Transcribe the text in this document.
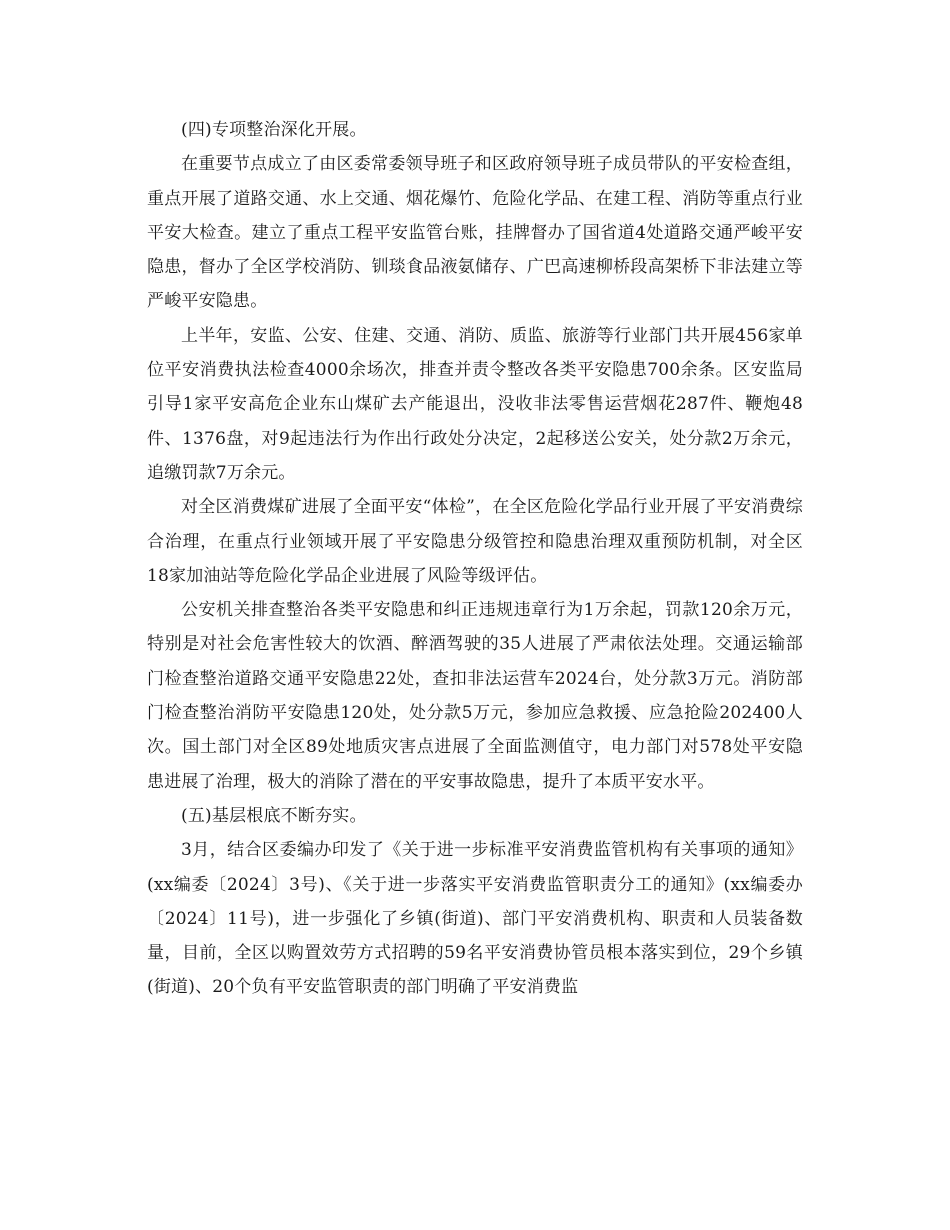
(四)专项整治深化开展。

在重要节点成立了由区委常委领导班子和区政府领导班子成员带队的平安检查组，重点开展了道路交通、水上交通、烟花爆竹、危险化学品、在建工程、消防等重点行业平安大检查。建立了重点工程平安监管台账，挂牌督办了国省道4处道路交通严峻平安隐患，督办了全区学校消防、钏琰食品液氨储存、广巴高速柳桥段高架桥下非法建立等严峻平安隐患。

上半年，安监、公安、住建、交通、消防、质监、旅游等行业部门共开展456家单位平安消费执法检查4000余场次，排查并责令整改各类平安隐患700余条。区安监局引导1家平安高危企业东山煤矿去产能退出，没收非法零售运营烟花287件、鞭炮48件、1376盘，对9起违法行为作出行政处分决定，2起移送公安关，处分款2万余元，追缴罚款7万余元。

对全区消费煤矿进展了全面平安“体检”，在全区危险化学品行业开展了平安消费综合治理，在重点行业领域开展了平安隐患分级管控和隐患治理双重预防机制，对全区18家加油站等危险化学品企业进展了风险等级评估。

公安机关排查整治各类平安隐患和纠正违规违章行为1万余起，罚款120余万元，特别是对社会危害性较大的饮酒、醉酒驾驶的35人进展了严肃依法处理。交通运输部门检查整治道路交通平安隐患22处，查扣非法运营车2024台，处分款3万元。消防部门检查整治消防平安隐患120处，处分款5万元，参加应急救援、应急抢险202400人次。国土部门对全区89处地质灾害点进展了全面监测值守，电力部门对578处平安隐患进展了治理，极大的消除了潜在的平安事故隐患，提升了本质平安水平。

(五)基层根底不断夯实。

3月，结合区委编办印发了《关于进一步标准平安消费监管机构有关事项的通知》(xx编委〔2024〕3号)、《关于进一步落实平安消费监管职责分工的通知》(xx编委办〔2024〕11号)，进一步强化了乡镇(街道)、部门平安消费机构、职责和人员装备数量，目前，全区以购置效劳方式招聘的59名平安消费协管员根本落实到位，29个乡镇(街道)、20个负有平安监管职责的部门明确了平安消费监
